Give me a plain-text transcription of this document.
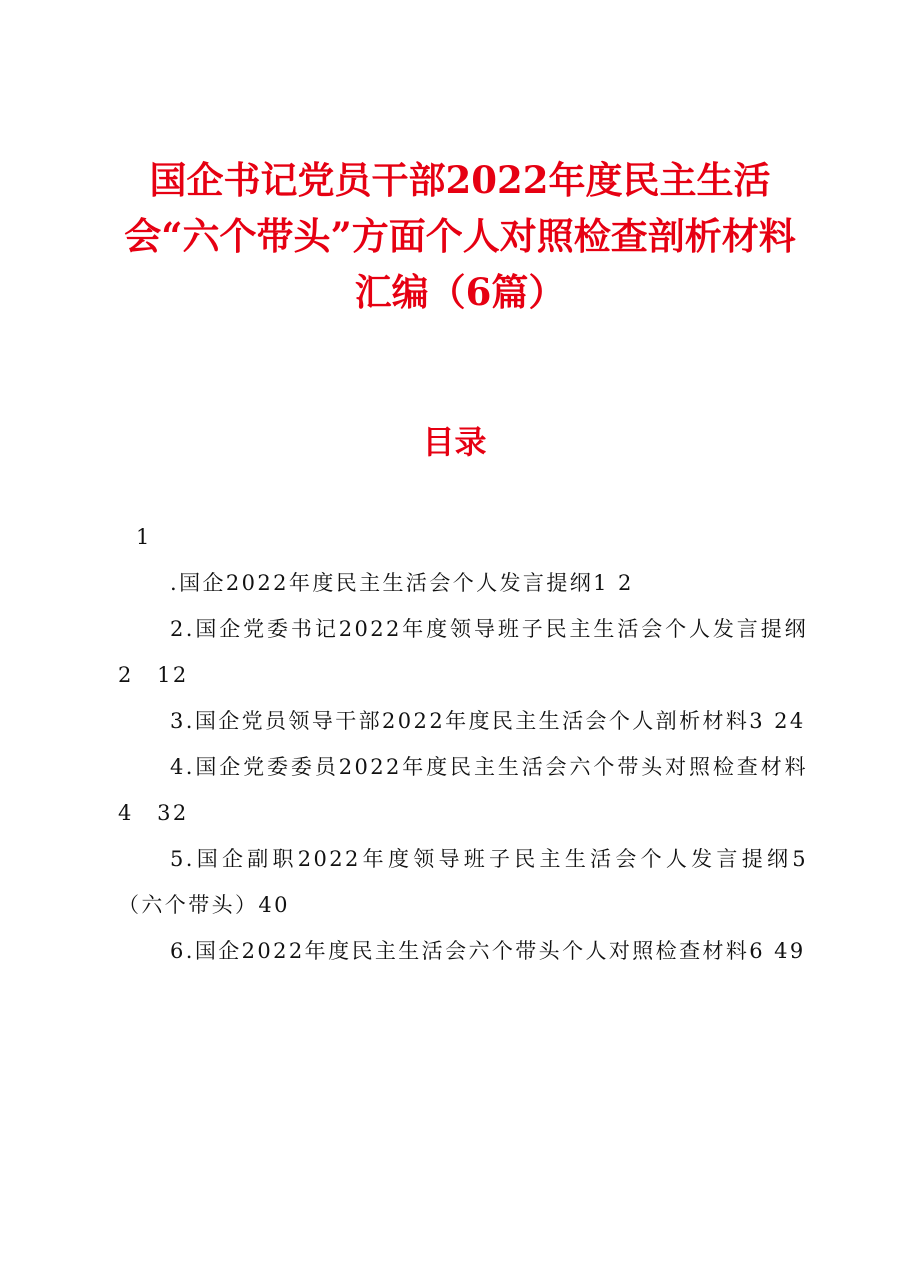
国企书记党员干部2022年度民主生活会“六个带头”方面个人对照检查剖析材料汇编（6篇）
目录
1

.国企2022年度民主生活会个人发言提纲1 2

2.国企党委书记2022年度领导班子民主生活会个人发言提纲2　12

3.国企党员领导干部2022年度民主生活会个人剖析材料3 24

4.国企党委委员2022年度民主生活会六个带头对照检查材料4　32

5.国企副职2022年度领导班子民主生活会个人发言提纲5（六个带头）40

6.国企2022年度民主生活会六个带头个人对照检查材料6 49
